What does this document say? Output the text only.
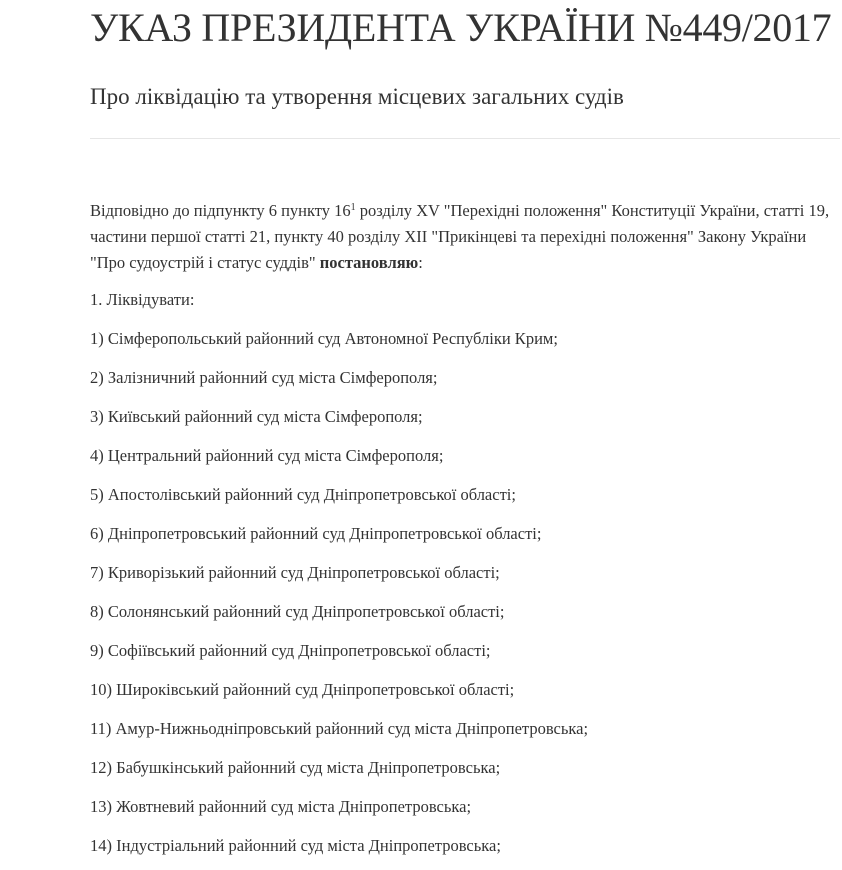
УКАЗ ПРЕЗИДЕНТА УКРАЇНИ №449/2017
Про ліквідацію та утворення місцевих загальних судів

Відповідно до підпункту 6 пункту $16^1$ розділу XV "Перехідні положення" Конституції України, статті 19, частини першої статті 21, пункту 40 розділу XII "Прикінцеві та перехідні положення" Закону України "Про судоустрій і статус суддів" постановляю:

1. Ліквідувати:

1) Сімферопольський районний суд Автономної Республіки Крим;

2) Залізничний районний суд міста Сімферополя;

3) Київський районний суд міста Сімферополя;

4) Центральний районний суд міста Сімферополя;

5) Апостолівський районний суд Дніпропетровської області;

6) Дніпропетровський районний суд Дніпропетровської області;

7) Криворізький районний суд Дніпропетровської області;

8) Солонянський районний суд Дніпропетровської області;

9) Софіївський районний суд Дніпропетровської області;

10) Широківський районний суд Дніпропетровської області;

11) Амур-Нижньодніпровський районний суд міста Дніпропетровська;

12) Бабушкінський районний суд міста Дніпропетровська;

13) Жовтневий районний суд міста Дніпропетровська;

14) Індустріальний районний суд міста Дніпропетровська;
